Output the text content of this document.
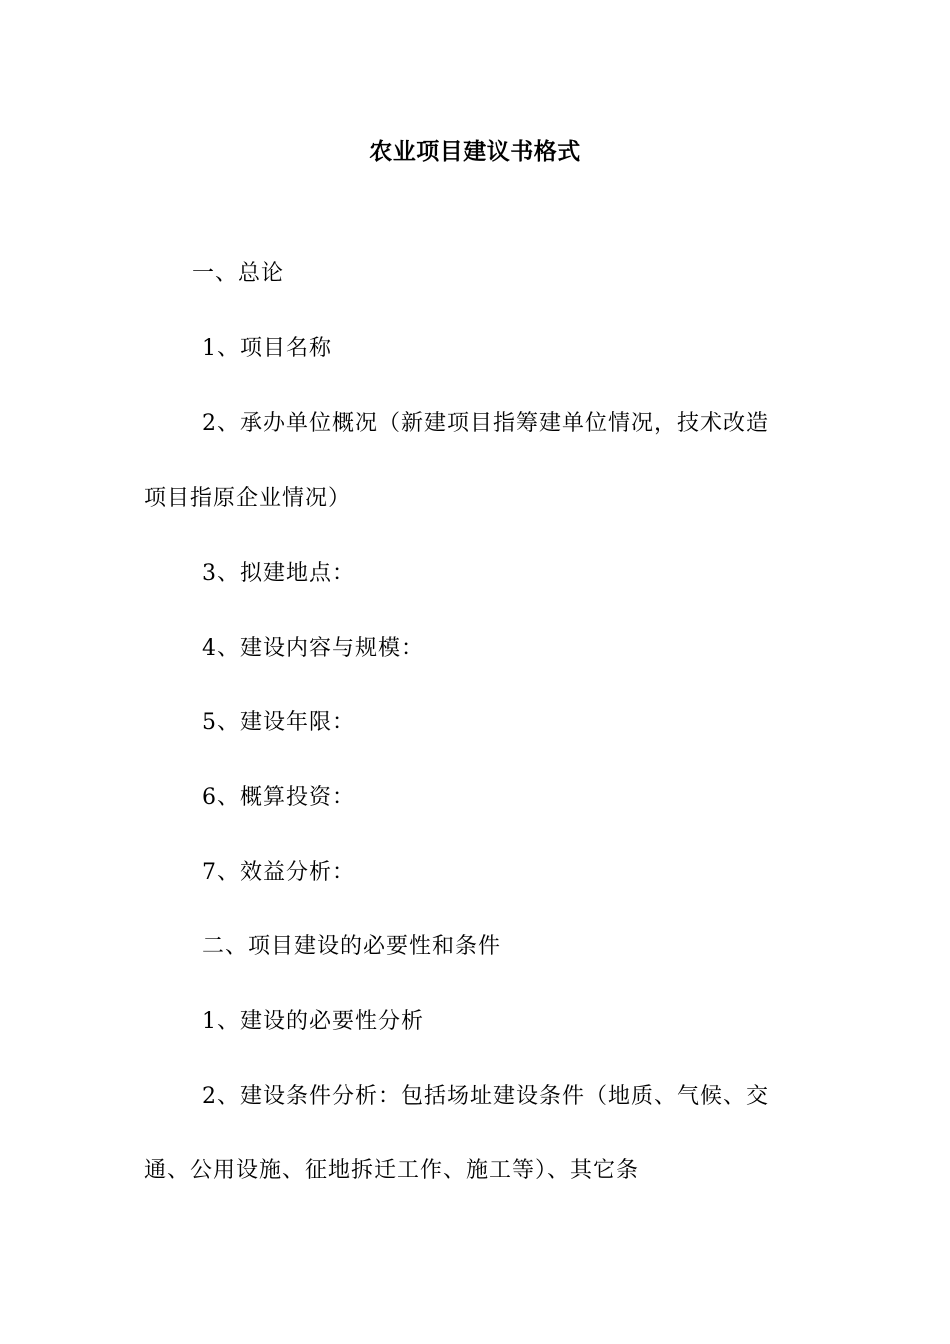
农业项目建议书格式
一、总论
1、项目名称
2、承办单位概况（新建项目指筹建单位情况，技术改造
项目指原企业情况）
3、拟建地点：
4、建设内容与规模：
5、建设年限：
6、概算投资：
7、效益分析：
二、项目建设的必要性和条件
1、建设的必要性分析
2、建设条件分析：包括场址建设条件（地质、气候、交
通、公用设施、征地拆迁工作、施工等）、其它条
